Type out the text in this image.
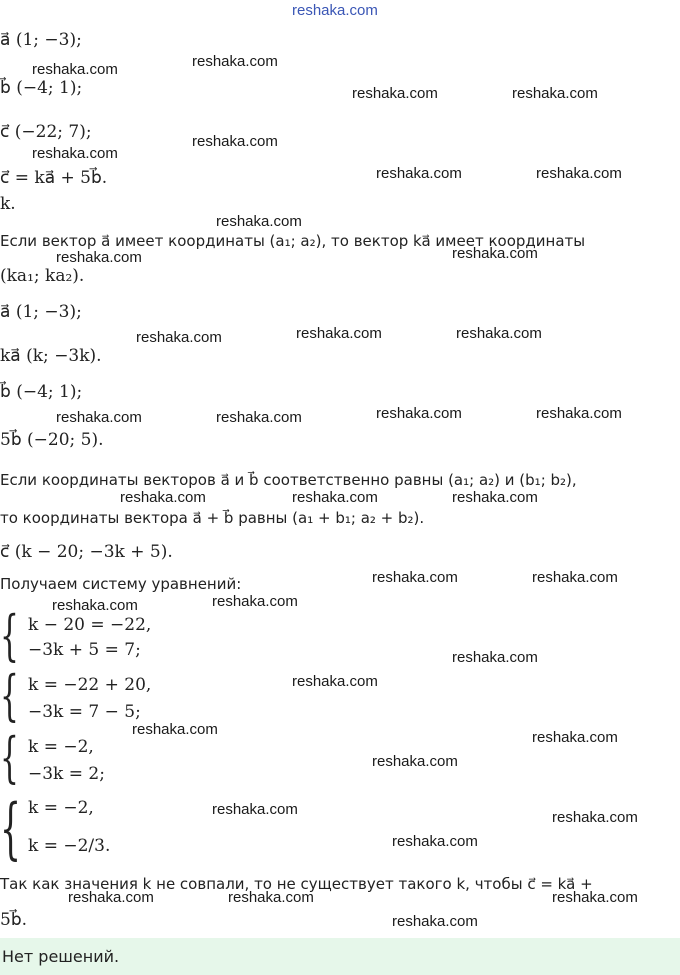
reshaka.com
a⃗ (1; −3);
b⃗ (−4; 1);
c⃗ (−22; 7);
c⃗ = ka⃗ + 5b⃗.
k.
Если вектор a⃗ имеет координаты (a₁; a₂), то вектор ka⃗ имеет координаты
(ka₁; ka₂).
a⃗ (1; −3);
ka⃗ (k; −3k).
b⃗ (−4; 1);
5b⃗ (−20; 5).
Если координаты векторов a⃗ и b⃗ соответственно равны (a₁; a₂) и (b₁; b₂),
то координаты вектора a⃗ + b⃗ равны (a₁ + b₁; a₂ + b₂).
c⃗ (k − 20; −3k + 5).
Получаем систему уравнений:
{ k − 20 = −22,
−3k + 5 = 7;
{ k = −22 + 20,
−3k = 7 − 5;
{ k = −2,
−3k = 2;
{ k = −2,
k = −2/3.
Так как значения k не совпали, то не существует такого k, чтобы c⃗ = ka⃗ +
5b⃗.
reshaka.com	reshaka.com
reshaka.com	reshaka.com
reshaka.com
reshaka.com
reshaka.com	reshaka.com
reshaka.com
reshaka.com	reshaka.com
reshaka.com	reshaka.com	reshaka.com
reshaka.com	reshaka.com	reshaka.com	reshaka.com
reshaka.com	reshaka.com	reshaka.com
reshaka.com	reshaka.com
reshaka.com	reshaka.com
reshaka.com
reshaka.com
reshaka.com	reshaka.com
reshaka.com
reshaka.com	reshaka.com
reshaka.com
reshaka.com	reshaka.com	reshaka.com
reshaka.com
Нет решений.
